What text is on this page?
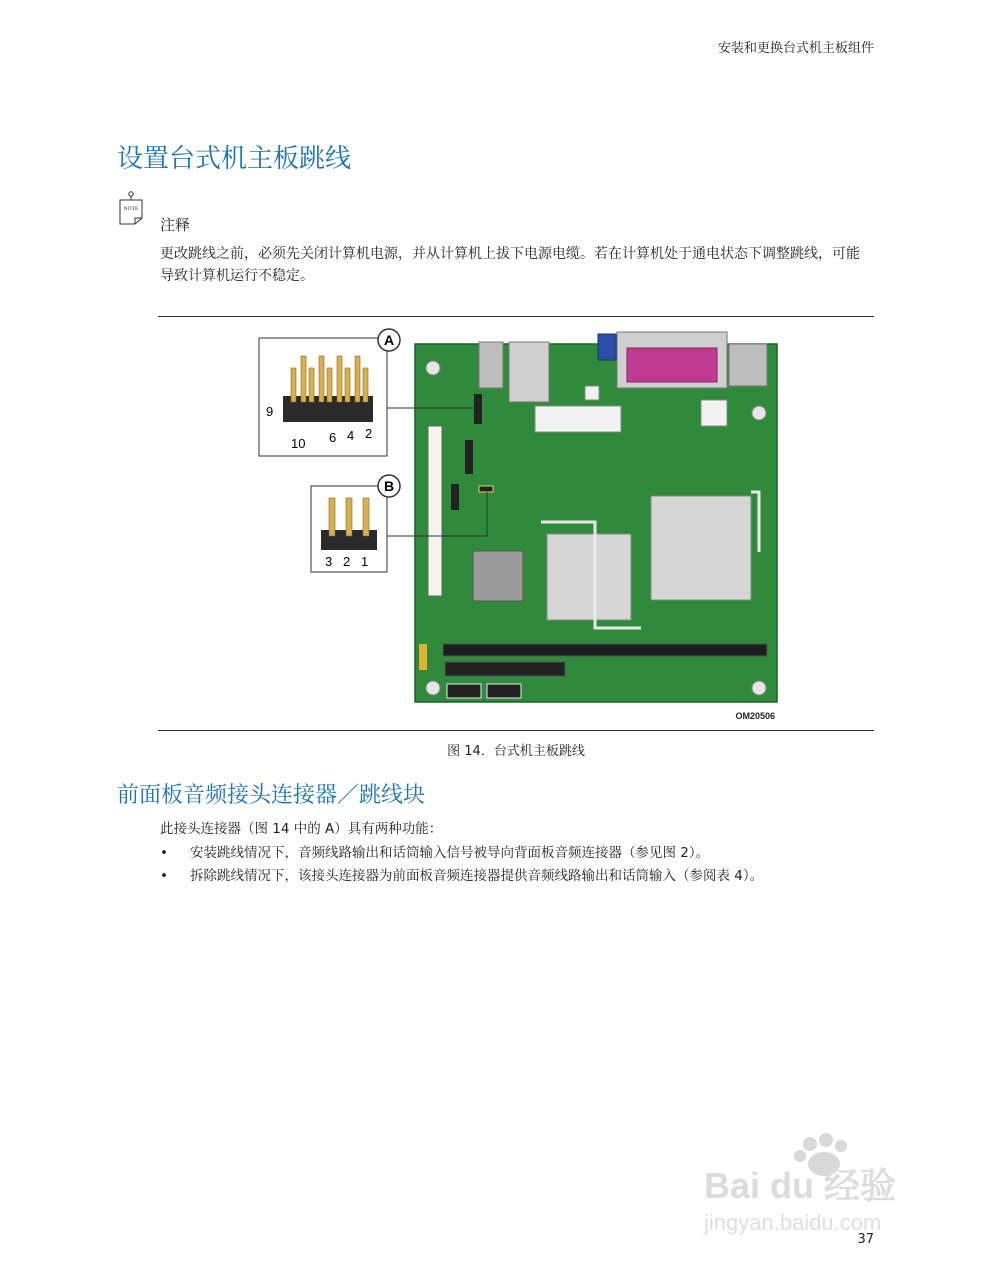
安装和更换台式机主板组件
设置台式机主板跳线
NOTE
注释
更改跳线之前，必须先关闭计算机电源，并从计算机上拔下电源电缆。若在计算机处于通电状态下调整跳线，可能导致计算机运行不稳定。
A
9
10 6 4 2
B
3 2 1
OM20506
图 14．台式机主板跳线
前面板音频接头连接器／跳线块
此接头连接器（图 14 中的 A）具有两种功能：
• 安装跳线情况下，音频线路输出和话筒输入信号被导向背面板音频连接器（参见图 2）。
• 拆除跳线情况下，该接头连接器为前面板音频连接器提供音频线路输出和话筒输入（参阅表 4）。
Bai du 经验
jingyan.baidu.com
37
